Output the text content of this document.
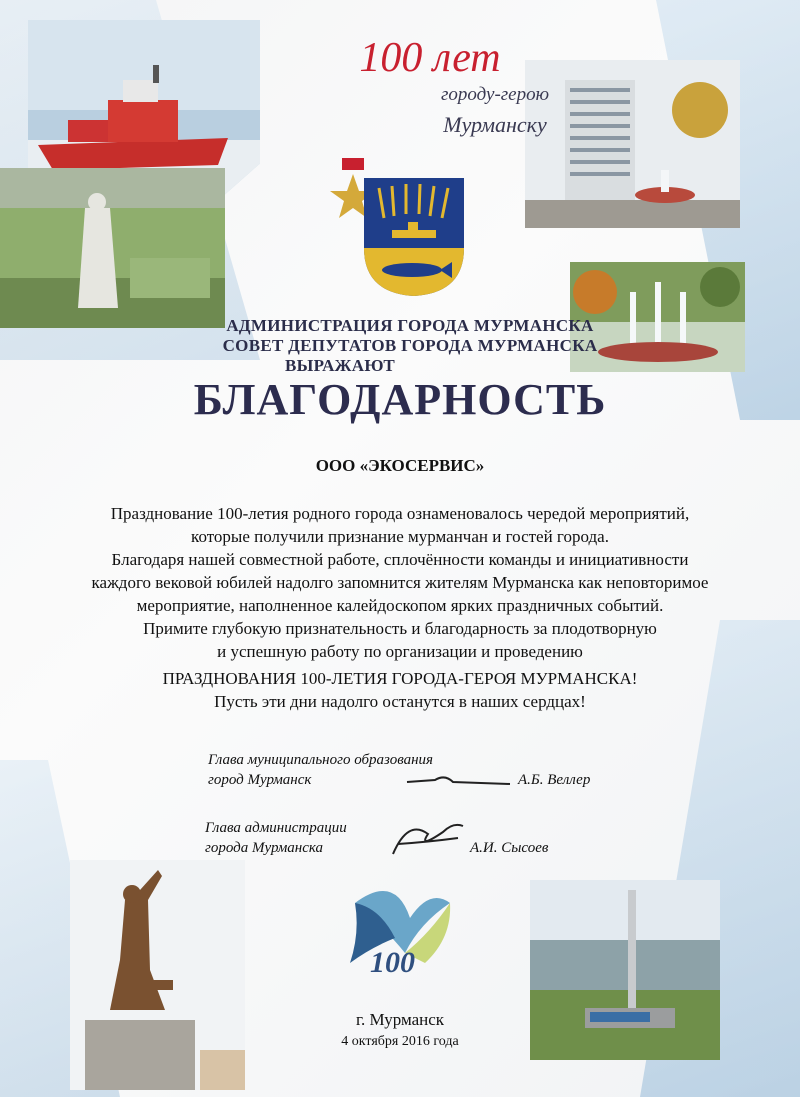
100 лет
городу-герою
Мурманску
АДМИНИСТРАЦИЯ ГОРОДА МУРМАНСКА
СОВЕТ ДЕПУТАТОВ ГОРОДА МУРМАНСКА
ВЫРАЖАЮТ
БЛАГОДАРНОСТЬ
ООО «ЭКОСЕРВИС»
Празднование 100-летия родного города ознаменовалось чередой мероприятий,
которые получили признание мурманчан и гостей города.
Благодаря нашей совместной работе, сплочённости команды и инициативности
каждого вековой юбилей надолго запомнится жителям Мурманска как неповторимое
мероприятие, наполненное калейдоскопом ярких праздничных событий.
Примите глубокую признательность и благодарность за плодотворную
и успешную работу по организации и проведению
ПРАЗДНОВАНИЯ 100-ЛЕТИЯ ГОРОДА-ГЕРОЯ МУРМАНСКА!
Пусть эти дни надолго останутся в наших сердцах!
Глава муниципального образования
город Мурманск	А.Б. Веллер
Глава администрации
города Мурманска	А.И. Сысоев
100
г. Мурманск
4 октября 2016 года
